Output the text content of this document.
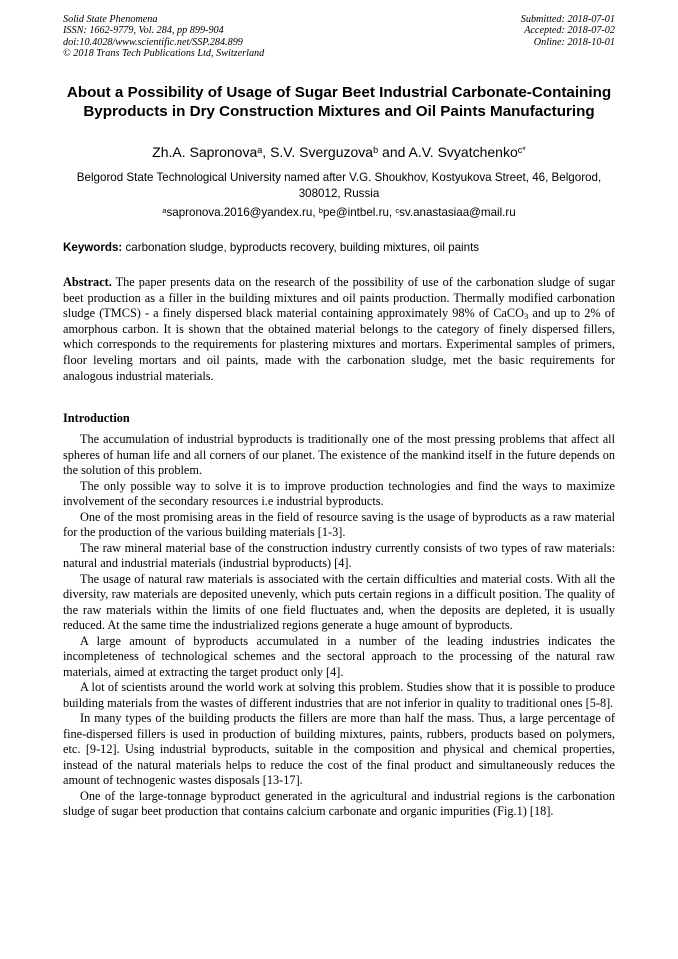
Solid State Phenomena
ISSN: 1662-9779, Vol. 284, pp 899-904
doi:10.4028/www.scientific.net/SSP.284.899
© 2018 Trans Tech Publications Ltd, Switzerland
Submitted: 2018-07-01
Accepted: 2018-07-02
Online: 2018-10-01
About a Possibility of Usage of Sugar Beet Industrial Carbonate-Containing Byproducts in Dry Construction Mixtures and Oil Paints Manufacturing
Zh.A. Sapronova$^a$, S.V. Sverguzova$^b$ and A.V. Svyatchenko$^{c*}$
Belgorod State Technological University named after V.G. Shoukhov, Kostyukova Street, 46, Belgorod, 308012, Russia
$^a$sapronova.2016@yandex.ru, $^b$pe@intbel.ru, $^c$sv.anastasiaa@mail.ru
Keywords: carbonation sludge, byproducts recovery, building mixtures, oil paints

Abstract. The paper presents data on the research of the possibility of use of the carbonation sludge of sugar beet production as a filler in the building mixtures and oil paints production. Thermally modified carbonation sludge (TMCS) - a finely dispersed black material containing approximately 98% of CaCO$_3$ and up to 2% of amorphous carbon. It is shown that the obtained material belongs to the category of finely dispersed fillers, which corresponds to the requirements for plastering mixtures and mortars. Experimental samples of primers, floor leveling mortars and oil paints, made with the carbonation sludge, met the basic requirements for analogous industrial materials.

Introduction

The accumulation of industrial byproducts is traditionally one of the most pressing problems that affect all spheres of human life and all corners of our planet. The existence of the mankind itself in the future depends on the solution of this problem.

The only possible way to solve it is to improve production technologies and find the ways to maximize involvement of the secondary resources i.e industrial byproducts.

One of the most promising areas in the field of resource saving is the usage of byproducts as a raw material for the production of the various building materials [1-3].

The raw mineral material base of the construction industry currently consists of two types of raw materials: natural and industrial materials (industrial byproducts) [4].

The usage of natural raw materials is associated with the certain difficulties and material costs. With all the diversity, raw materials are deposited unevenly, which puts certain regions in a difficult position. The quality of the raw materials within the limits of one field fluctuates and, when the deposits are depleted, it is usually reduced. At the same time the industrialized regions generate a huge amount of byproducts.

A large amount of byproducts accumulated in a number of the leading industries indicates the incompleteness of technological schemes and the sectoral approach to the processing of the natural raw materials, aimed at extracting the target product only [4].

A lot of scientists around the world work at solving this problem. Studies show that it is possible to produce building materials from the wastes of different industries that are not inferior in quality to traditional ones [5-8].

In many types of the building products the fillers are more than half the mass. Thus, a large percentage of fine-dispersed fillers is used in production of building mixtures, paints, rubbers, products based on polymers, etc. [9-12]. Using industrial byproducts, suitable in the composition and physical and chemical properties, instead of the natural materials helps to reduce the cost of the final product and simultaneously reduces the amount of technogenic wastes disposals [13-17].

One of the large-tonnage byproduct generated in the agricultural and industrial regions is the carbonation sludge of sugar beet production that contains calcium carbonate and organic impurities (Fig.1) [18].
